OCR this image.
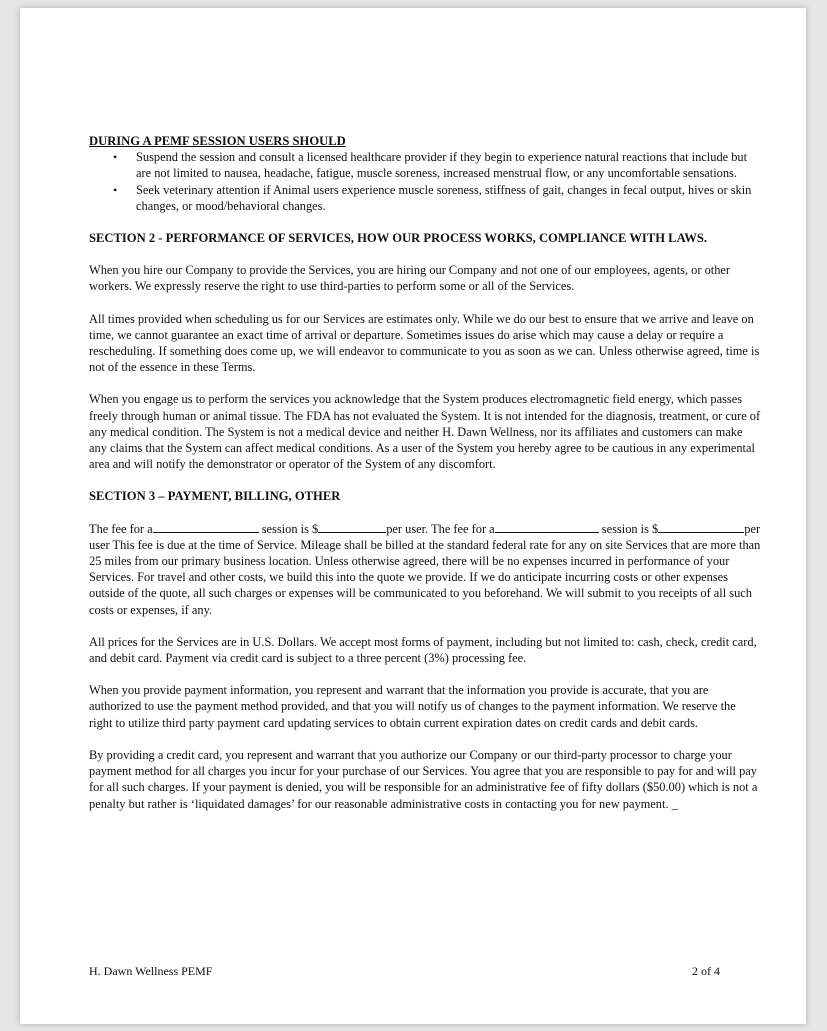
DURING A PEMF SESSION USERS SHOULD

• Suspend the session and consult a licensed healthcare provider if they begin to experience natural reactions that include but are not limited to nausea, headache, fatigue, muscle soreness, increased menstrual flow, or any uncomfortable sensations.
• Seek veterinary attention if Animal users experience muscle soreness, stiffness of gait, changes in fecal output, hives or skin changes, or mood/behavioral changes.

SECTION 2 - PERFORMANCE OF SERVICES, HOW OUR PROCESS WORKS, COMPLIANCE WITH LAWS.

When you hire our Company to provide the Services, you are hiring our Company and not one of our employees, agents, or other workers. We expressly reserve the right to use third-parties to perform some or all of the Services.

All times provided when scheduling us for our Services are estimates only. While we do our best to ensure that we arrive and leave on time, we cannot guarantee an exact time of arrival or departure. Sometimes issues do arise which may cause a delay or require a rescheduling. If something does come up, we will endeavor to communicate to you as soon as we can. Unless otherwise agreed, time is not of the essence in these Terms.

When you engage us to perform the services you acknowledge that the System produces electromagnetic field energy, which passes freely through human or animal tissue. The FDA has not evaluated the System. It is not intended for the diagnosis, treatment, or cure of any medical condition. The System is not a medical device and neither H. Dawn Wellness, nor its affiliates and customers can make any claims that the System can affect medical conditions. As a user of the System you hereby agree to be cautious in any experimental area and will notify the demonstrator or operator of the System of any discomfort.

SECTION 3 – PAYMENT, BILLING, OTHER

The fee for a	session is $	per user. The fee for a	session is $	per user This fee is due at the time of Service. Mileage shall be billed at the standard federal rate for any on site Services that are more than 25 miles from our primary business location. Unless otherwise agreed, there will be no expenses incurred in performance of your Services. For travel and other costs, we build this into the quote we provide. If we do anticipate incurring costs or other expenses outside of the quote, all such charges or expenses will be communicated to you beforehand. We will submit to you receipts of all such costs or expenses, if any.

All prices for the Services are in U.S. Dollars. We accept most forms of payment, including but not limited to: cash, check, credit card, and debit card. Payment via credit card is subject to a three percent (3%) processing fee.

When you provide payment information, you represent and warrant that the information you provide is accurate, that you are authorized to use the payment method provided, and that you will notify us of changes to the payment information. We reserve the right to utilize third party payment card updating services to obtain current expiration dates on credit cards and debit cards.

By providing a credit card, you represent and warrant that you authorize our Company or our third-party processor to charge your payment method for all charges you incur for your purchase of our Services. You agree that you are responsible to pay for and will pay for all such charges. If your payment is denied, you will be responsible for an administrative fee of fifty dollars ($50.00) which is not a penalty but rather is ‘liquidated damages’ for our reasonable administrative costs in contacting you for new payment. _

H. Dawn Wellness PEMF	2 of 4
